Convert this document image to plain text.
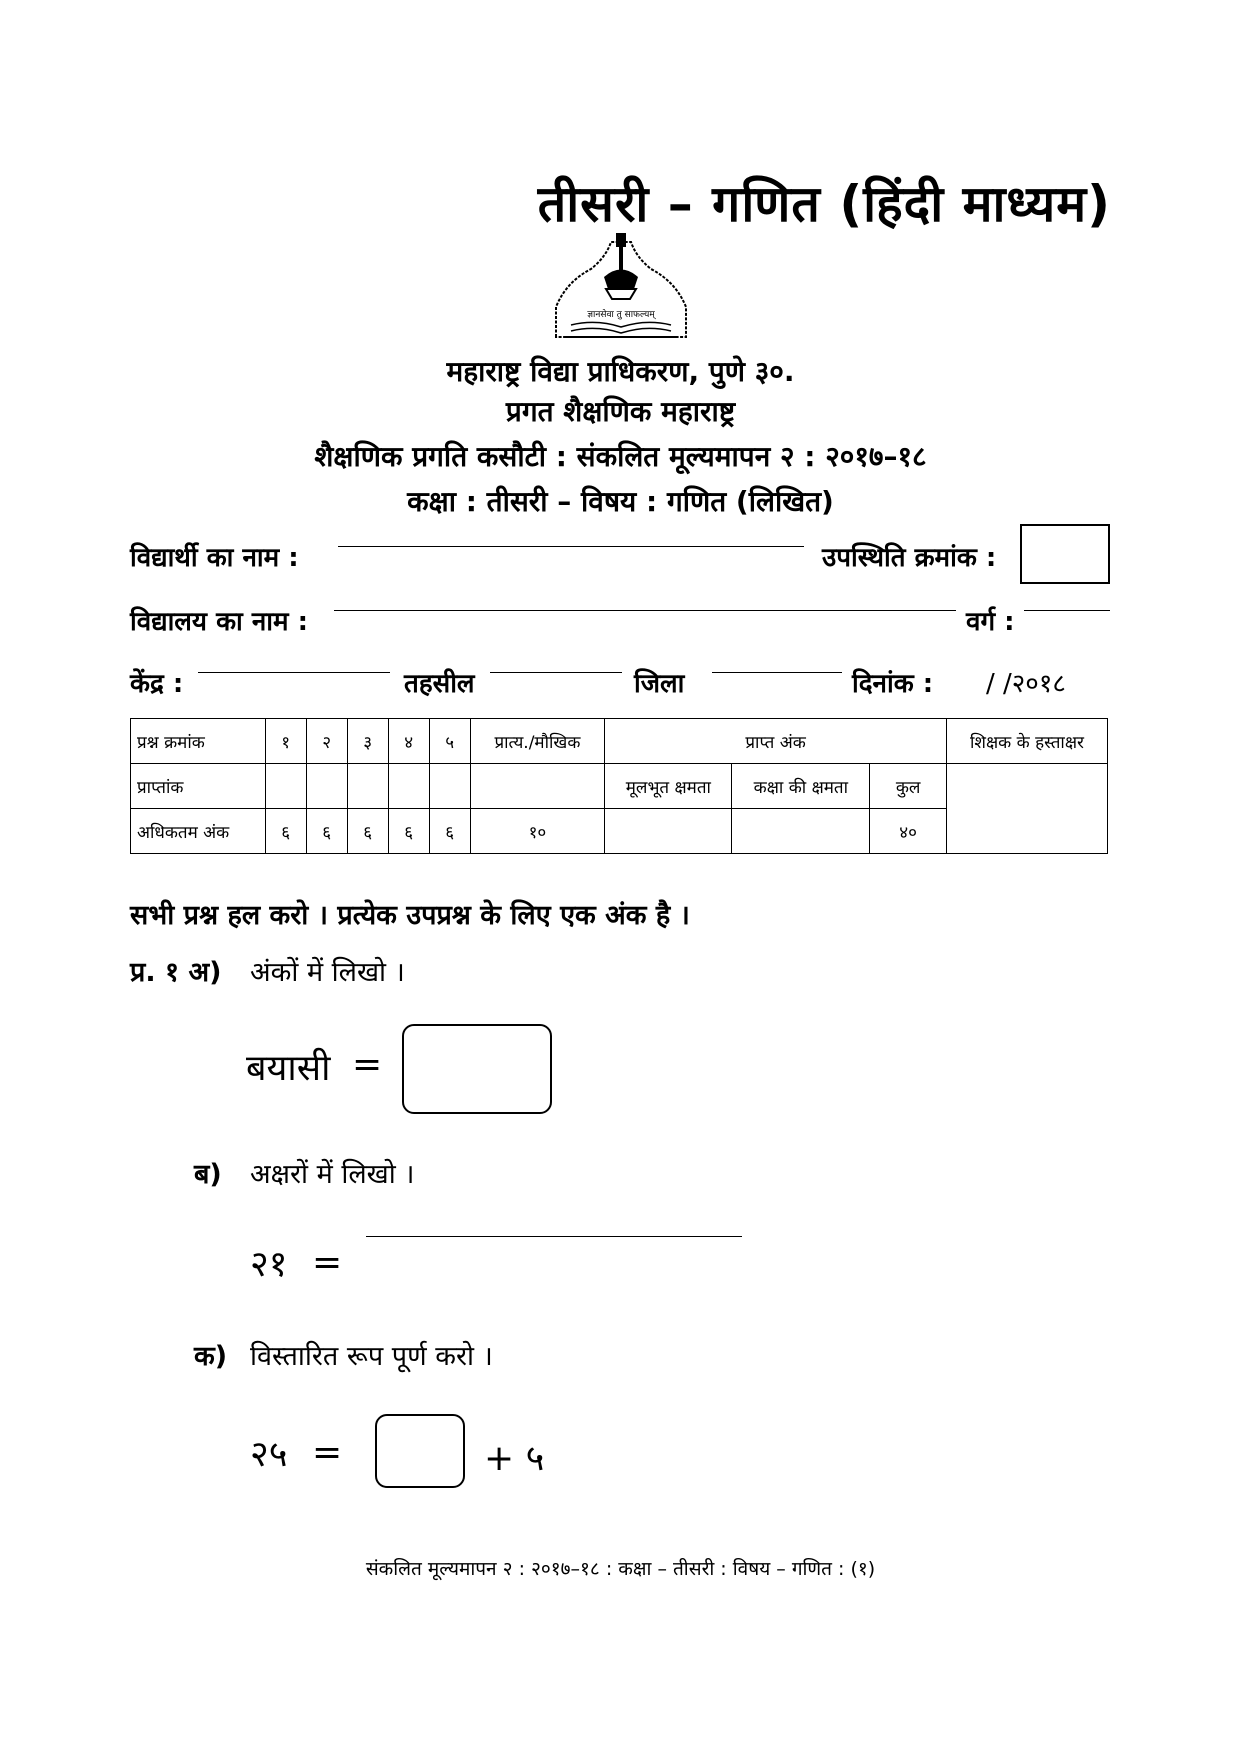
तीसरी – गणित (हिंदी माध्यम)
ज्ञानसेवा तु साफल्यम्
महाराष्ट्र विद्या प्राधिकरण, पुणे ३०.
प्रगत शैक्षणिक महाराष्ट्र
शैक्षणिक प्रगति कसौटी : संकलित मूल्यमापन २ : २०१७–१८
कक्षा : तीसरी – विषय : गणित (लिखित)
विद्यार्थी का नाम :	उपस्थिति क्रमांक :
विद्यालय का नाम :	वर्ग :
केंद्र :	तहसील	जिला	दिनांक : / /२०१८
प्रश्न क्रमांक	१	२	३	४	५	प्रात्य./मौखिक	प्राप्त अंक			शिक्षक के हस्ताक्षर
प्राप्तांक							मूलभूत क्षमता	कक्षा की क्षमता	कुल	
अधिकतम अंक	६	६	६	६	६	१०			४०	
सभी प्रश्न हल करो । प्रत्येक उपप्रश्न के लिए एक अंक है ।
प्र. १ अ) अंकों में लिखो ।
बयासी =
ब) अक्षरों में लिखो ।
२१ =
क) विस्तारित रूप पूर्ण करो ।
२५ =	+ ५
संकलित मूल्यमापन २ : २०१७–१८ : कक्षा – तीसरी : विषय – गणित : (१)
